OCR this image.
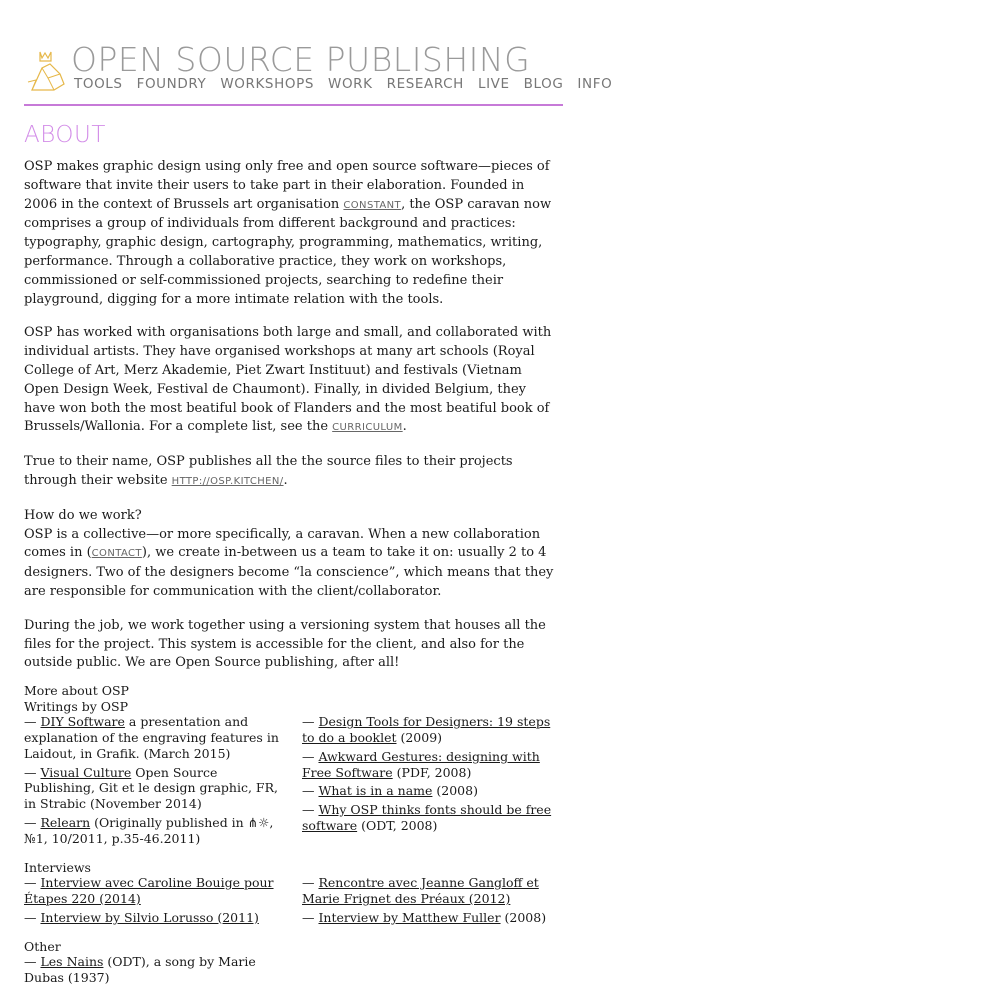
OPEN SOURCE PUBLISHING
TOOLS FOUNDRY WORKSHOPS WORK RESEARCH LIVE BLOG INFO
ABOUT

OSP makes graphic design using only free and open source software—pieces of software that invite their users to take part in their elaboration. Founded in 2006 in the context of Brussels art organisation CONSTANT, the OSP caravan now comprises a group of individuals from different background and practices: typography, graphic design, cartography, programming, mathematics, writing, performance. Through a collaborative practice, they work on workshops, commissioned or self-commissioned projects, searching to redefine their playground, digging for a more intimate relation with the tools.

OSP has worked with organisations both large and small, and collaborated with individual artists. They have organised workshops at many art schools (Royal College of Art, Merz Akademie, Piet Zwart Instituut) and festivals (Vietnam Open Design Week, Festival de Chaumont). Finally, in divided Belgium, they have won both the most beatiful book of Flanders and the most beatiful book of Brussels/Wallonia. For a complete list, see the CURRICULUM.

True to their name, OSP publishes all the the source files to their projects through their website HTTP://OSP.KITCHEN/.

How do we work?

OSP is a collective—or more specifically, a caravan. When a new collaboration comes in (CONTACT), we create in-between us a team to take it on: usually 2 to 4 designers. Two of the designers become “la conscience”, which means that they are responsible for communication with the client/collaborator.

During the job, we work together using a versioning system that houses all the files for the project. This system is accessible for the client, and also for the outside public. We are Open Source publishing, after all!

More about OSP
Writings by OSP
— DIY Software a presentation and explanation of the engraving features in Laidout, in Grafik. (March 2015)
— Visual Culture Open Source Publishing, Git et le design graphic, FR, in Strabic (November 2014)
— Relearn (Originally published in ⋔☼, №1, 10/2011, p.35-46.2011)
— Design Tools for Designers: 19 steps to do a booklet (2009)
— Awkward Gestures: designing with Free Software (PDF, 2008)
— What is in a name (2008)
— Why OSP thinks fonts should be free software (ODT, 2008)
Interviews
— Interview avec Caroline Bouige pour Étapes 220 (2014)
— Interview by Silvio Lorusso (2011)
— Rencontre avec Jeanne Gangloff et Marie Frignet des Préaux (2012)
— Interview by Matthew Fuller (2008)
Other
— Les Nains (ODT), a song by Marie Dubas (1937)
